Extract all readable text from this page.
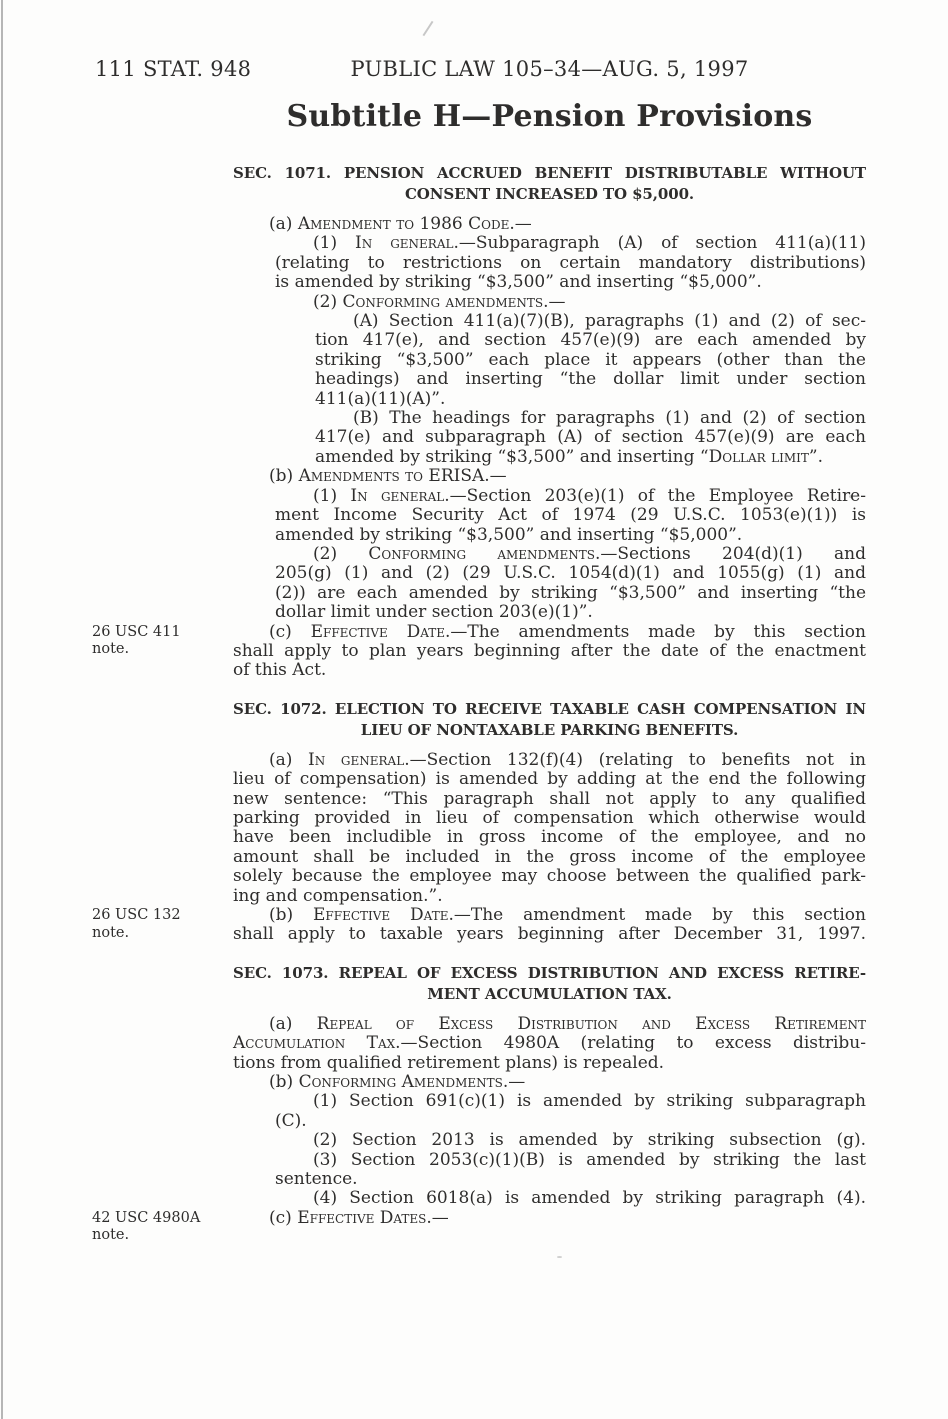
111 STAT. 948	PUBLIC LAW 105–34—AUG. 5, 1997
Subtitle H—Pension Provisions
SEC. 1071. PENSION ACCRUED BENEFIT DISTRIBUTABLE WITHOUT
CONSENT INCREASED TO $5,000.
(a) Amendment to 1986 Code.—
(1) In general.—Subparagraph (A) of section 411(a)(11)
(relating to restrictions on certain mandatory distributions)
is amended by striking “$3,500” and inserting “$5,000”.
(2) Conforming amendments.—
(A) Section 411(a)(7)(B), paragraphs (1) and (2) of sec-
tion 417(e), and section 457(e)(9) are each amended by
striking “$3,500” each place it appears (other than the
headings) and inserting “the dollar limit under section
411(a)(11)(A)”.
(B) The headings for paragraphs (1) and (2) of section
417(e) and subparagraph (A) of section 457(e)(9) are each
amended by striking “$3,500” and inserting “Dollar limit”.
(b) Amendments to ERISA.—
(1) In general.—Section 203(e)(1) of the Employee Retire-
ment Income Security Act of 1974 (29 U.S.C. 1053(e)(1)) is
amended by striking “$3,500” and inserting “$5,000”.
(2) Conforming amendments.—Sections 204(d)(1) and
205(g) (1) and (2) (29 U.S.C. 1054(d)(1) and 1055(g) (1) and
(2)) are each amended by striking “$3,500” and inserting “the
dollar limit under section 203(e)(1)”.
26 USC 411 note.
(c) Effective Date.—The amendments made by this section
shall apply to plan years beginning after the date of the enactment
of this Act.
SEC. 1072. ELECTION TO RECEIVE TAXABLE CASH COMPENSATION IN
LIEU OF NONTAXABLE PARKING BENEFITS.
(a) In general.—Section 132(f)(4) (relating to benefits not in
lieu of compensation) is amended by adding at the end the following
new sentence: “This paragraph shall not apply to any qualified
parking provided in lieu of compensation which otherwise would
have been includible in gross income of the employee, and no
amount shall be included in the gross income of the employee
solely because the employee may choose between the qualified park-
ing and compensation.”.
26 USC 132 note.
(b) Effective Date.—The amendment made by this section
shall apply to taxable years beginning after December 31, 1997.
SEC. 1073. REPEAL OF EXCESS DISTRIBUTION AND EXCESS RETIRE-
MENT ACCUMULATION TAX.
(a) Repeal of Excess Distribution and Excess Retirement
Accumulation Tax.—Section 4980A (relating to excess distribu-
tions from qualified retirement plans) is repealed.
(b) Conforming Amendments.—
(1) Section 691(c)(1) is amended by striking subparagraph
(C).
(2) Section 2013 is amended by striking subsection (g).
(3) Section 2053(c)(1)(B) is amended by striking the last
sentence.
(4) Section 6018(a) is amended by striking paragraph (4).
42 USC 4980A note.
(c) Effective Dates.—
